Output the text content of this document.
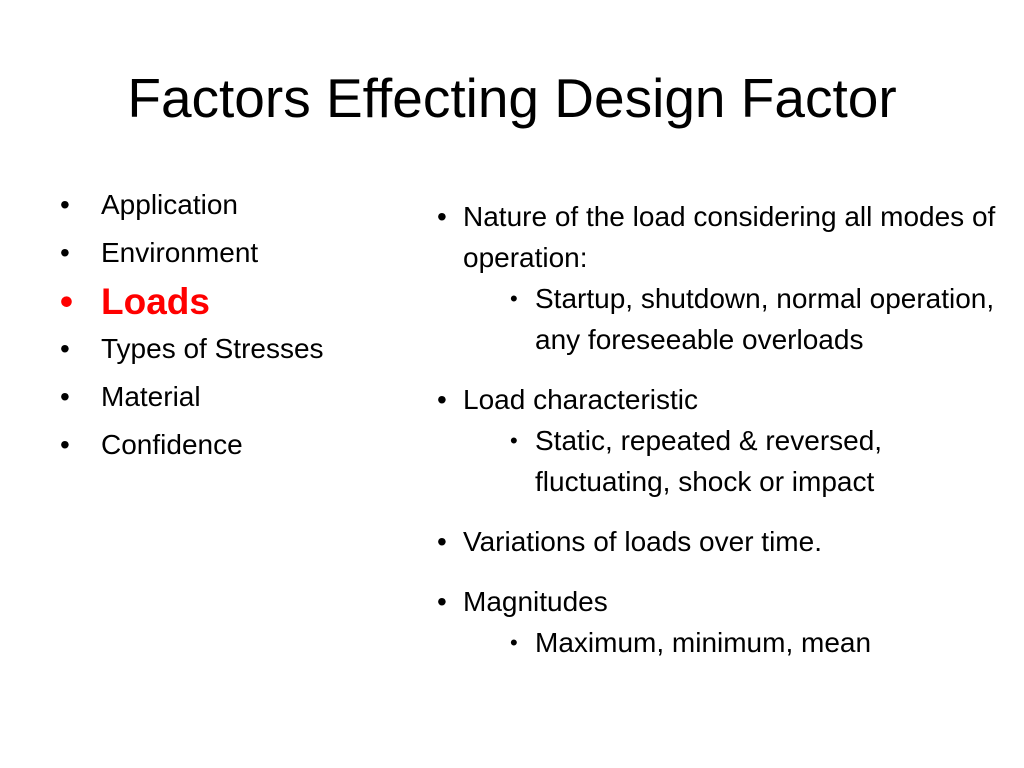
Factors Effecting Design Factor
• Application
• Environment
• Loads
• Types of Stresses
• Material
• Confidence
• Nature of the load considering all modes of operation:
• Startup, shutdown, normal operation, any foreseeable overloads
• Load characteristic
• Static, repeated & reversed, fluctuating, shock or impact
• Variations of loads over time.
• Magnitudes
• Maximum, minimum, mean
